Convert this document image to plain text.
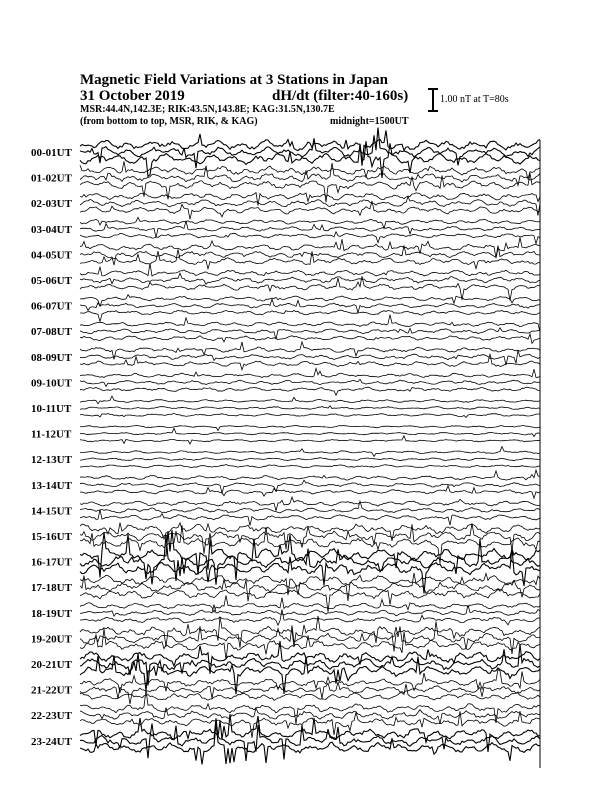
Magnetic Field Variations at 3 Stations in Japan
31 October 2019	dH/dt (filter:40-160s)
MSR:44.4N,142.3E; RIK:43.5N,143.8E; KAG:31.5N,130.7E
(from bottom to top, MSR, RIK, & KAG)	midnight=1500UT
1.00 nT at T=80s
00-01UT
01-02UT
02-03UT
03-04UT
04-05UT
05-06UT
06-07UT
07-08UT
08-09UT
09-10UT
10-11UT
11-12UT
12-13UT
13-14UT
14-15UT
15-16UT
16-17UT
17-18UT
18-19UT
19-20UT
20-21UT
21-22UT
22-23UT
23-24UT
